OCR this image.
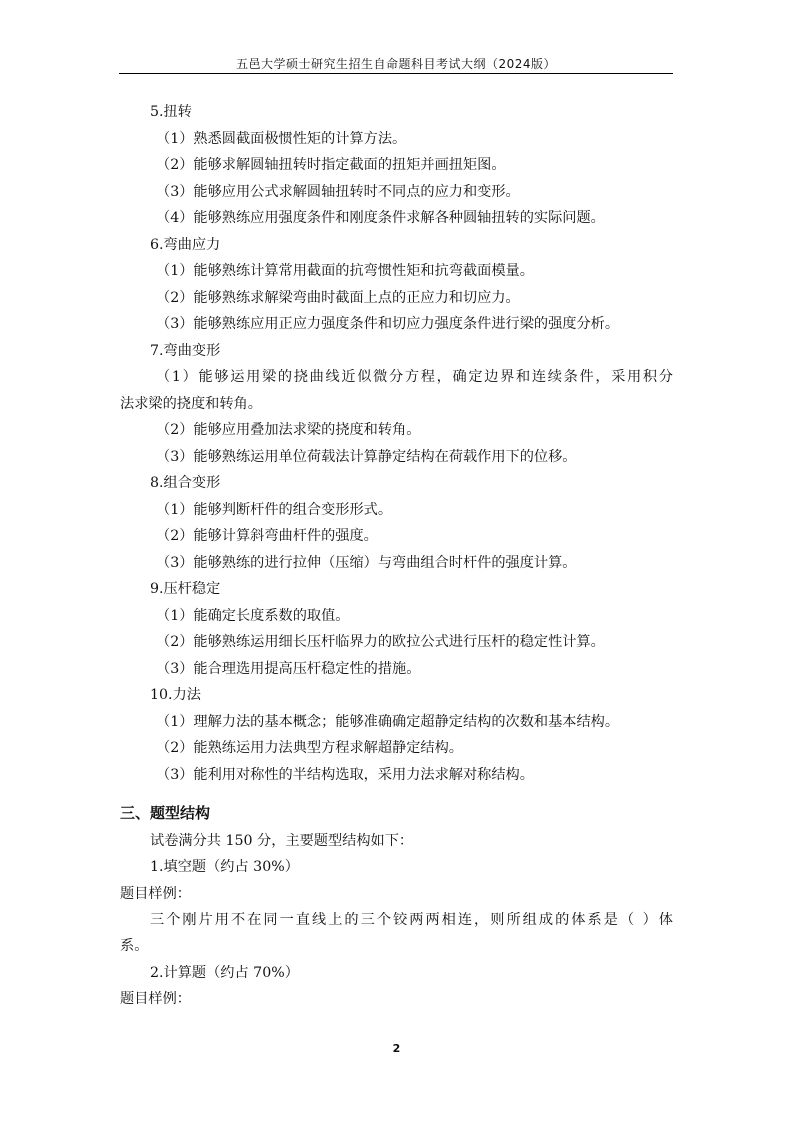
五邑大学硕士研究生招生自命题科目考试大纲（2024版）
5.扭转
（1）熟悉圆截面极惯性矩的计算方法。
（2）能够求解圆轴扭转时指定截面的扭矩并画扭矩图。
（3）能够应用公式求解圆轴扭转时不同点的应力和变形。
（4）能够熟练应用强度条件和刚度条件求解各种圆轴扭转的实际问题。
6.弯曲应力
（1）能够熟练计算常用截面的抗弯惯性矩和抗弯截面模量。
（2）能够熟练求解梁弯曲时截面上点的正应力和切应力。
（3）能够熟练应用正应力强度条件和切应力强度条件进行梁的强度分析。
7.弯曲变形
（1）能够运用梁的挠曲线近似微分方程，确定边界和连续条件，采用积分
法求梁的挠度和转角。
（2）能够应用叠加法求梁的挠度和转角。
（3）能够熟练运用单位荷载法计算静定结构在荷载作用下的位移。
8.组合变形
（1）能够判断杆件的组合变形形式。
（2）能够计算斜弯曲杆件的强度。
（3）能够熟练的进行拉伸（压缩）与弯曲组合时杆件的强度计算。
9.压杆稳定
（1）能确定长度系数的取值。
（2）能够熟练运用细长压杆临界力的欧拉公式进行压杆的稳定性计算。
（3）能合理选用提高压杆稳定性的措施。
10.力法
（1）理解力法的基本概念；能够准确确定超静定结构的次数和基本结构。
（2）能熟练运用力法典型方程求解超静定结构。
（3）能利用对称性的半结构选取，采用力法求解对称结构。
三、题型结构
试卷满分共 150 分，主要题型结构如下：
1.填空题（约占 30%）
题目样例：
三个刚片用不在同一直线上的三个铰两两相连，则所组成的体系是（ ）体
系。
2.计算题（约占 70%）
题目样例：
2
